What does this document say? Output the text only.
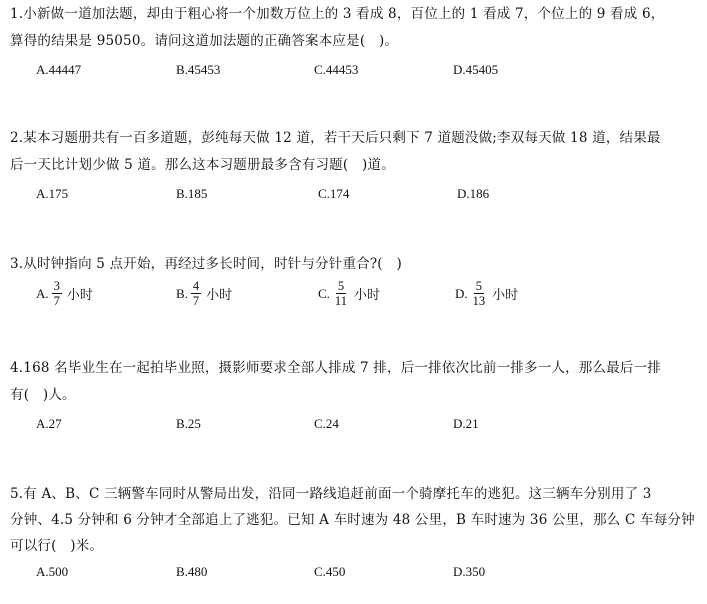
1.小新做一道加法题，却由于粗心将一个加数万位上的 3 看成 8，百位上的 1 看成 7，个位上的 9 看成 6，
算得的结果是 95050。请问这道加法题的正确答案本应是(　)。
A.44447	B.45453	C.44453	D.45405
2.某本习题册共有一百多道题，彭纯每天做 12 道，若干天后只剩下 7 道题没做;李双每天做 18 道，结果最
后一天比计划少做 5 道。那么这本习题册最多含有习题(　)道。
A.175	B.185	C.174	D.186
3.从时钟指向 5 点开始，再经过多长时间，时针与分针重合?(　)
A. $\frac{3}{7}$ 小时	B. $\frac{4}{7}$ 小时	C. $\frac{5}{11}$ 小时	D. $\frac{5}{13}$ 小时
4.168 名毕业生在一起拍毕业照，摄影师要求全部人排成 7 排，后一排依次比前一排多一人，那么最后一排
有(　)人。
A.27	B.25	C.24	D.21
5.有 A、B、C 三辆警车同时从警局出发，沿同一路线追赶前面一个骑摩托车的逃犯。这三辆车分别用了 3
分钟、4.5 分钟和 6 分钟才全部追上了逃犯。已知 A 车时速为 48 公里，B 车时速为 36 公里，那么 C 车每分钟
可以行(　)米。
A.500	B.480	C.450	D.350
